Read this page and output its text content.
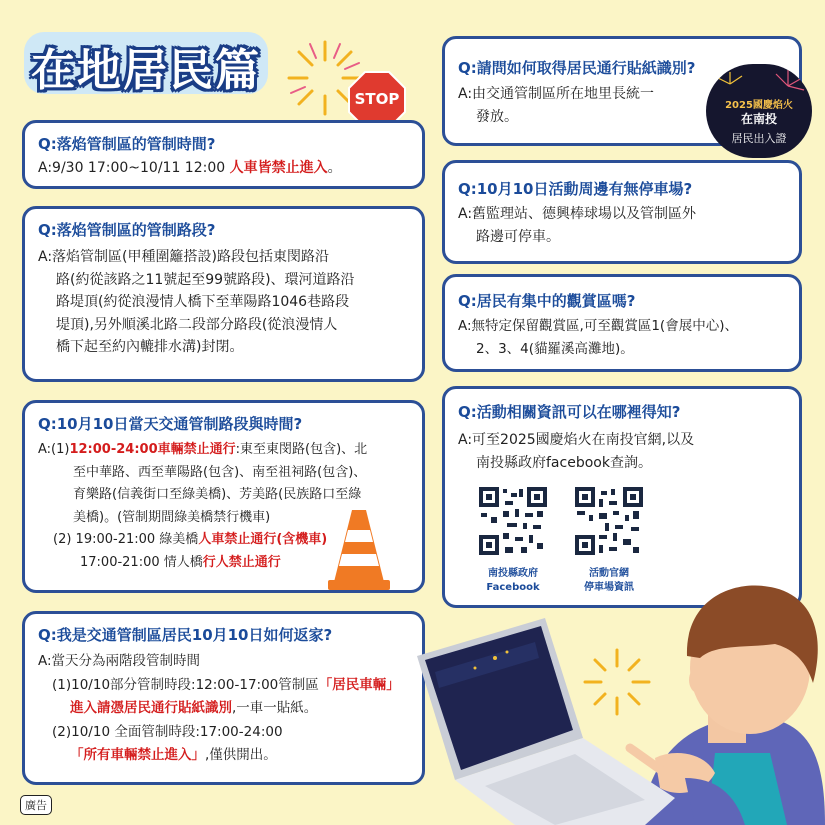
在地居民篇
STOP
Q:落焰管制區的管制時間?
A:9/30 17:00~10/11 12:00 人車皆禁止進入。
Q:落焰管制區的管制路段?
A:落焰管制區(甲種圍籬搭設)路段包括東閔路沿
路(約從該路之11號起至99號路段)、環河道路沿
路堤頂(約從浪漫情人橋下至華陽路1046巷路段
堤頂),另外順溪北路二段部分路段(從浪漫情人
橋下起至約內轆排水溝)封閉。
Q:10月10日當天交通管制路段與時間?
A:(1)12:00-24:00車輛禁止通行:東至東閔路(包含)、北
至中華路、西至華陽路(包含)、南至祖祠路(包含)、
育樂路(信義街口至綠美橋)、芳美路(民族路口至綠
美橋)。(管制期間綠美橋禁行機車)
(2) 19:00-21:00 綠美橋人車禁止通行(含機車)
17:00-21:00 情人橋行人禁止通行
Q:我是交通管制區居民10月10日如何返家?
A:當天分為兩階段管制時間
(1)10/10部分管制時段:12:00-17:00管制區「居民車輛」
進入請憑居民通行貼紙識別,一車一貼紙。
(2)10/10 全面管制時段:17:00-24:00
「所有車輛禁止進入」,僅供開出。
Q:請問如何取得居民通行貼紙識別?
A:由交通管制區所在地里長統一
發放。
2025國慶焰火
在南投
居民出入證
Q:10月10日活動周邊有無停車場?
A:舊監理站、德興棒球場以及管制區外
路邊可停車。
Q:居民有集中的觀賞區嗎?
A:無特定保留觀賞區,可至觀賞區1(會展中心)、
2、3、4(貓羅溪高灘地)。
Q:活動相關資訊可以在哪裡得知?
A:可至2025國慶焰火在南投官網,以及
南投縣政府facebook查詢。
南投縣政府
Facebook
活動官網
停車場資訊
廣告
